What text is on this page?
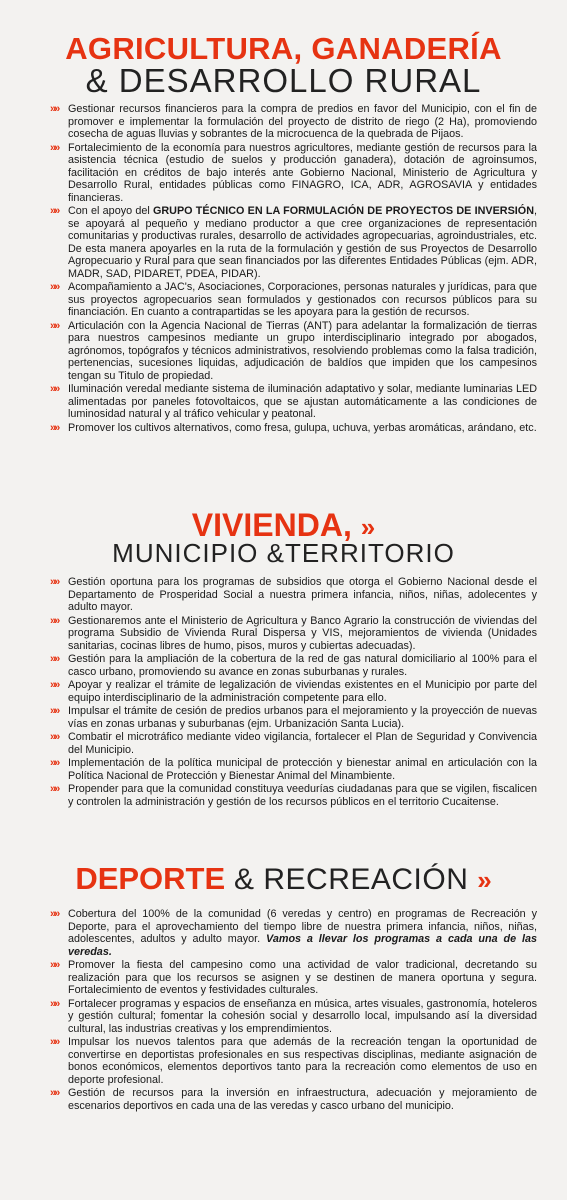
AGRICULTURA, GANADERÍA
& DESARROLLO RURAL
»» Gestionar recursos financieros para la compra de predios en favor del Municipio, con el fin de promover e implementar la formulación del proyecto de distrito de riego (2 Ha), promoviendo cosecha de aguas lluvias y sobrantes de la microcuenca de la quebrada de Pijaos.
»» Fortalecimiento de la economía para nuestros agricultores, mediante gestión de recursos para la asistencia técnica (estudio de suelos y producción ganadera), dotación de agroinsumos, facilitación en créditos de bajo interés ante Gobierno Nacional, Ministerio de Agricultura y Desarrollo Rural, entidades públicas como FINAGRO, ICA, ADR, AGROSAVIA y entidades financieras.
»» Con el apoyo del GRUPO TÉCNICO EN LA FORMULACIÓN DE PROYECTOS DE INVERSIÓN, se apoyará al pequeño y mediano productor a que cree organizaciones de representación comunitarias y productivas rurales, desarrollo de actividades agropecuarias, agroindustriales, etc. De esta manera apoyarles en la ruta de la formulación y gestión de sus Proyectos de Desarrollo Agropecuario y Rural para que sean financiados por las diferentes Entidades Públicas (ejm. ADR, MADR, SAD, PIDARET, PDEA, PIDAR).
»» Acompañamiento a JAC's, Asociaciones, Corporaciones, personas naturales y jurídicas, para que sus proyectos agropecuarios sean formulados y gestionados con recursos públicos para su financiación. En cuanto a contrapartidas se les apoyara para la gestión de recursos.
»» Articulación con la Agencia Nacional de Tierras (ANT) para adelantar la formalización de tierras para nuestros campesinos mediante un grupo interdisciplinario integrado por abogados, agrónomos, topógrafos y técnicos administrativos, resolviendo problemas como la falsa tradición, pertenencias, sucesiones liquidas, adjudicación de baldíos que impiden que los campesinos tengan su Titulo de propiedad.
»» Iluminación veredal mediante sistema de iluminación adaptativo y solar, mediante luminarias LED alimentadas por paneles fotovoltaicos, que se ajustan automáticamente a las condiciones de luminosidad natural y al tráfico vehicular y peatonal.
»» Promover los cultivos alternativos, como fresa, gulupa, uchuva, yerbas aromáticas, arándano, etc.
VIVIENDA, »
MUNICIPIO &TERRITORIO
»» Gestión oportuna para los programas de subsidios que otorga el Gobierno Nacional desde el Departamento de Prosperidad Social a nuestra primera infancia, niños, niñas, adolecentes y adulto mayor.
»» Gestionaremos ante el Ministerio de Agricultura y Banco Agrario la construcción de viviendas del programa Subsidio de Vivienda Rural Dispersa y VIS, mejoramientos de vivienda (Unidades sanitarias, cocinas libres de humo, pisos, muros y cubiertas adecuadas).
»» Gestión para la ampliación de la cobertura de la red de gas natural domiciliario al 100% para el casco urbano, promoviendo su avance en zonas suburbanas y rurales.
»» Apoyar y realizar el trámite de legalización de viviendas existentes en el Municipio por parte del equipo interdisciplinario de la administración competente para ello.
»» Impulsar el trámite de cesión de predios urbanos para el mejoramiento y la proyección de nuevas vías en zonas urbanas y suburbanas (ejm. Urbanización Santa Lucia).
»» Combatir el microtráfico mediante video vigilancia, fortalecer el Plan de Seguridad y Convivencia del Municipio.
»» Implementación de la política municipal de protección y bienestar animal en articulación con la Política Nacional de Protección y Bienestar Animal del Minambiente.
»» Propender para que la comunidad constituya veedurías ciudadanas para que se vigilen, fiscalicen y controlen la administración y gestión de los recursos públicos en el territorio Cucaitense.
DEPORTE & RECREACIÓN »
»» Cobertura del 100% de la comunidad (6 veredas y centro) en programas de Recreación y Deporte, para el aprovechamiento del tiempo libre de nuestra primera infancia, niños, niñas, adolescentes, adultos y adulto mayor. Vamos a llevar los programas a cada una de las veredas.
»» Promover la fiesta del campesino como una actividad de valor tradicional, decretando su realización para que los recursos se asignen y se destinen de manera oportuna y segura. Fortalecimiento de eventos y festividades culturales.
»» Fortalecer programas y espacios de enseñanza en música, artes visuales, gastronomía, hoteleros y gestión cultural; fomentar la cohesión social y desarrollo local, impulsando así la diversidad cultural, las industrias creativas y los emprendimientos.
»» Impulsar los nuevos talentos para que además de la recreación tengan la oportunidad de convertirse en deportistas profesionales en sus respectivas disciplinas, mediante asignación de bonos económicos, elementos deportivos tanto para la recreación como elementos de uso en deporte profesional.
»» Gestión de recursos para la inversión en infraestructura, adecuación y mejoramiento de escenarios deportivos en cada una de las veredas y casco urbano del municipio.
